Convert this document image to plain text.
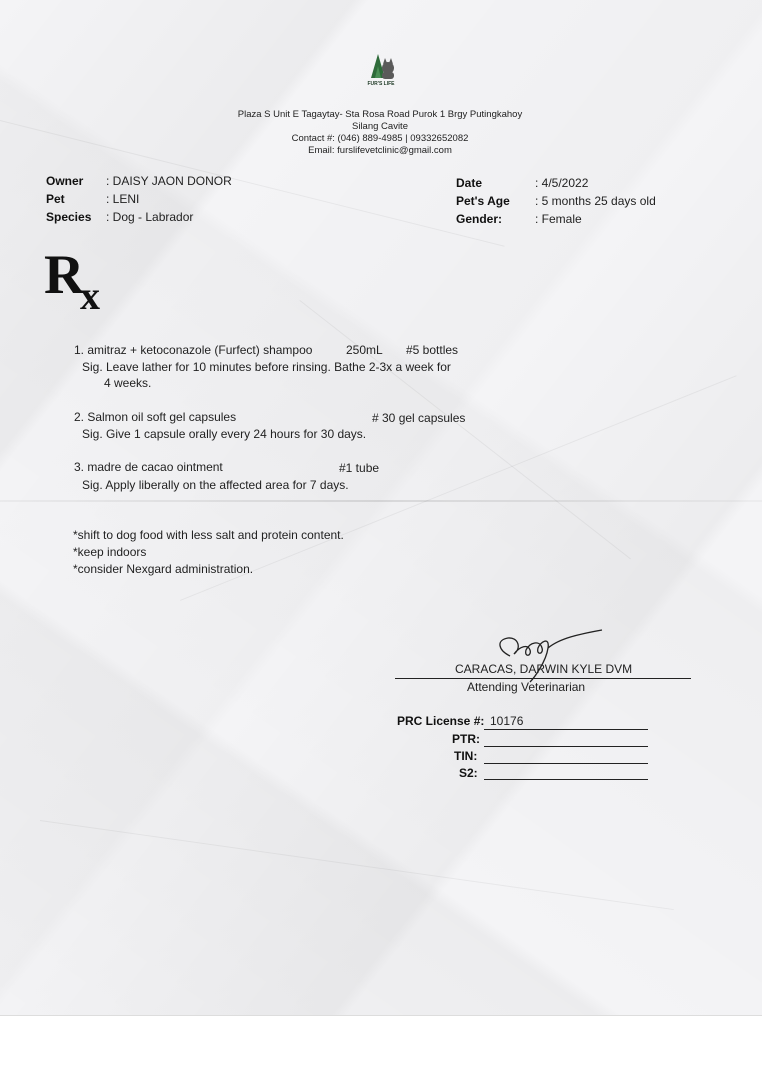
FUR'S LIFE
Plaza S Unit E Tagaytay- Sta Rosa Road Purok 1 Brgy Putingkahoy
Silang Cavite
Contact #: (046) 889-4985 | 09332652082
Email: furslifevetclinic@gmail.com
Owner : DAISY JAON DONOR
Pet	: LENI
Species : Dog - Labrador
Date	: 4/5/2022
Pet's Age : 5 months 25 days old
Gender:	: Female
R
x
1. amitraz + ketoconazole (Furfect) shampoo	250mL #5 bottles
Sig. Leave lather for 10 minutes before rinsing. Bathe 2-3x a week for
4 weeks.
2. Salmon oil soft gel capsules	# 30 gel capsules
Sig. Give 1 capsule orally every 24 hours for 30 days.
3. madre de cacao ointment	#1 tube
Sig. Apply liberally on the affected area for 7 days.
*shift to dog food with less salt and protein content.
*keep indoors
*consider Nexgard administration.
CARACAS, DARWIN KYLE DVM
Attending Veterinarian
PRC License #: 10176
PTR:
TIN:
S2:
